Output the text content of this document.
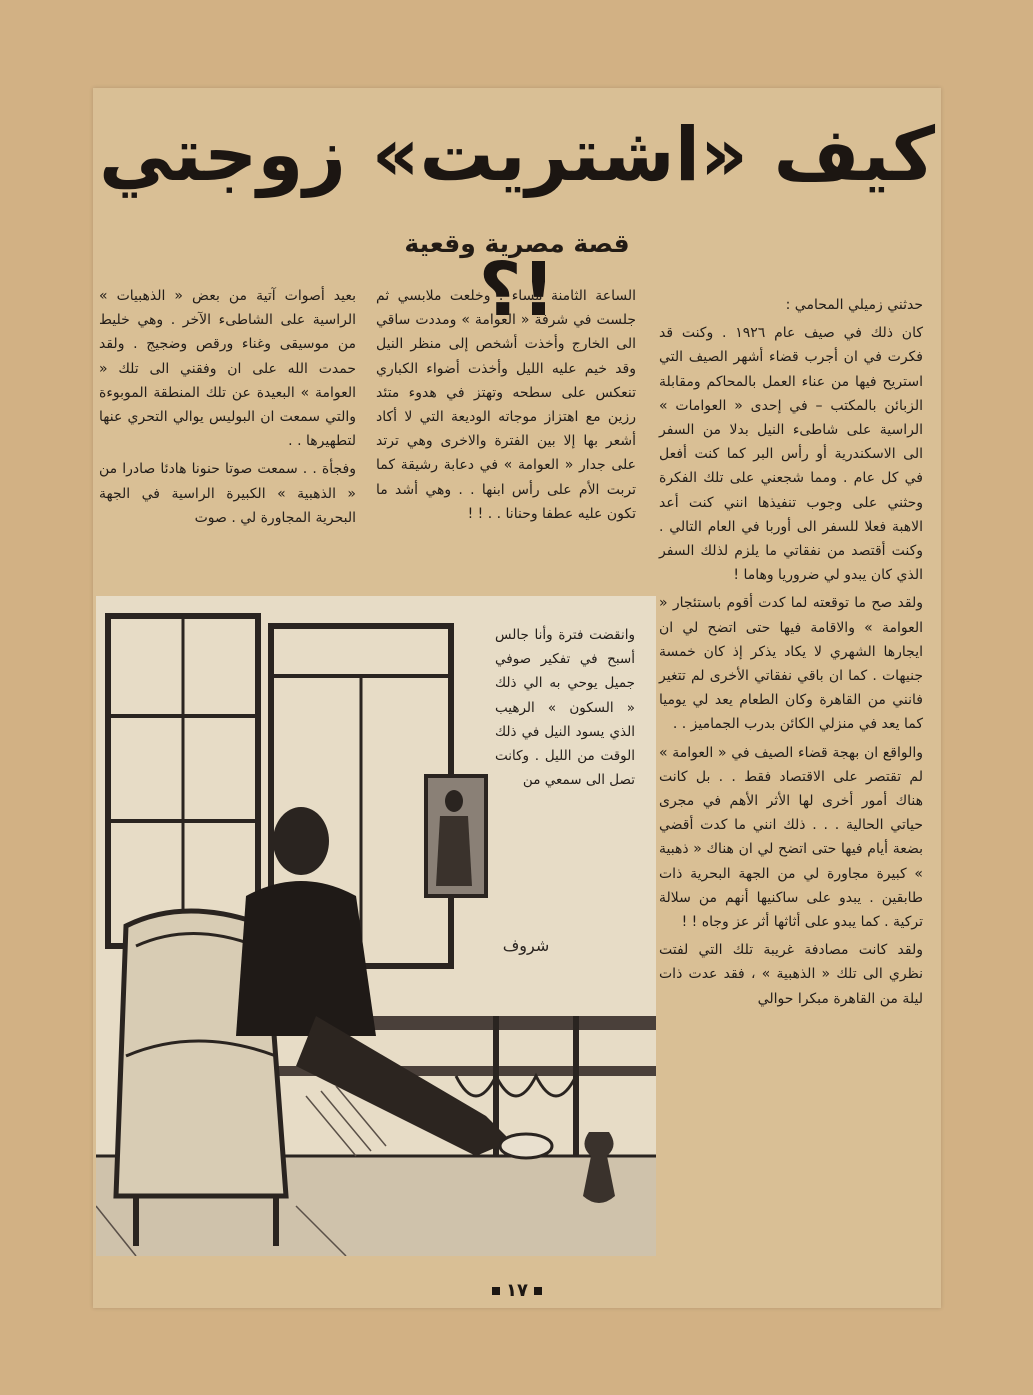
كيف «اشتريت» زوجتي !؟
قصة مصرية وقعية

حدثني زميلي المحامي :

كان ذلك في صيف عام ١٩٢٦ . وكنت قد فكرت في ان أجرب قضاء أشهر الصيف التي استريح فيها من عناء العمل بالمحاكم ومقابلة الزبائن بالمكتب – في إحدى « العوامات » الراسية على شاطىء النيل بدلا من السفر الى الاسكندرية أو رأس البر كما كنت أفعل في كل عام . ومما شجعني على تلك الفكرة وحثني على وجوب تنفيذها انني كنت أعد الاهبة فعلا للسفر الى أوربا في العام التالي . وكنت أقتصد من نفقاتي ما يلزم لذلك السفر الذي كان يبدو لي ضروريا وهاما !

ولقد صح ما توقعته لما كدت أقوم باستئجار « العوامة » والاقامة فيها حتى اتضح لي ان ايجارها الشهري لا يكاد يذكر إذ كان خمسة جنيهات . كما ان باقي نفقاتي الأخرى لم تتغير فانني من القاهرة وكان الطعام يعد لي يوميا كما يعد في منزلي الكائن بدرب الجماميز . .

والواقع ان بهجة قضاء الصيف في « العوامة » لم تقتصر على الاقتصاد فقط . . بل كانت هناك أمور أخرى لها الأثر الأهم في مجرى حياتي الحالية . . . ذلك انني ما كدت أقضي بضعة أيام فيها حتى اتضح لي ان هناك « ذهبية » كبيرة مجاورة لي من الجهة البحرية ذات طابقين . يبدو على ساكنيها أنهم من سلالة تركية . كما يبدو على أثاثها أثر عز وجاه ! !

ولقد كانت مصادفة غريبة تلك التي لفتت نظري الى تلك « الذهبية » ، فقد عدت ذات ليلة من القاهرة مبكرا حوالي

الساعة الثامنة مساء . وخلعت ملابسي ثم جلست في شرفة « العوامة » ومددت ساقي الى الخارج وأخذت أشخص إلى منظر النيل وقد خيم عليه الليل وأخذت أضواء الكباري تنعكس على سطحه وتهتز في هدوء متئد رزين مع اهتزاز موجاته الوديعة التي لا أكاد أشعر بها إلا بين الفترة والاخرى وهي ترتد على جدار « العوامة » في دعابة رشيقة كما تربت الأم على رأس ابنها . . وهي أشد ما تكون عليه عطفا وحنانا . . ! !

بعيد أصوات آتية من بعض « الذهبيات » الراسية على الشاطىء الآخر . وهي خليط من موسيقى وغناء ورقص وضجيج . ولقد حمدت الله على ان وفقني الى تلك « العوامة » البعيدة عن تلك المنطقة الموبوءة والتي سمعت ان البوليس يوالي التحري عنها لتطهيرها . .

وفجأة . . سمعت صوتا حنونا هادئا صادرا من « الذهبية » الكبيرة الراسية في الجهة البحرية المجاورة لي . صوت

شروف

وانقضت فترة وأنا جالس أسبح في تفكير صوفي جميل يوحي به الي ذلك « السكون » الرهيب الذي يسود النيل في ذلك الوقت من الليل . وكانت تصل الى سمعي من

١٧
